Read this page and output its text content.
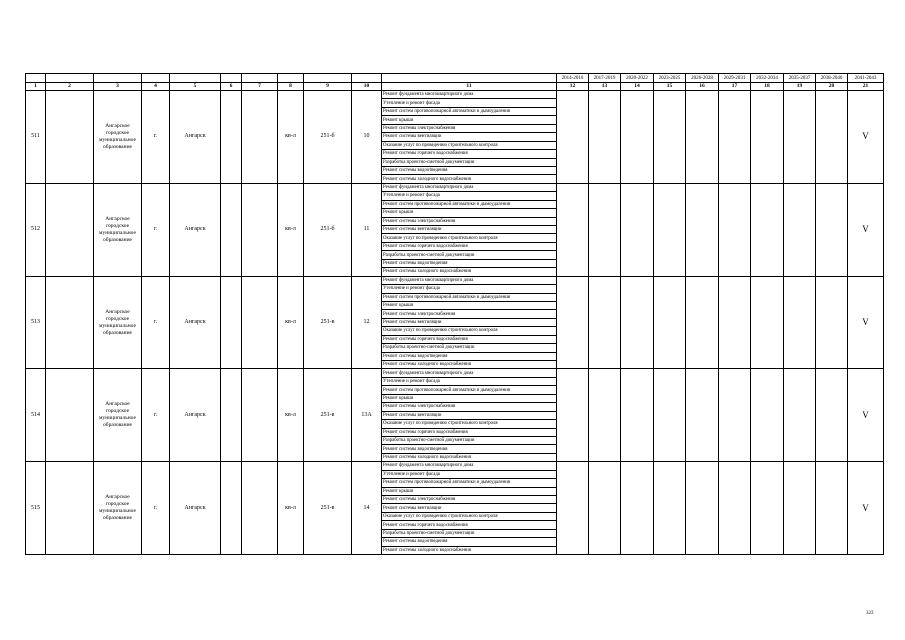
											2014-2016	2017-2019	2020-2022	2023-2025	2026-2028	2029-2031	2032-2034	2035-2037	2038-2040	2041-2043
1	2	3	4	5	6	7	8	9	10	11	12	13	14	15	16	17	18	19	20	21
511		Ангарское городское муниципальное образование	г.	Ангарск			кв-л	251-б	10	Ремонт фундамента многоквартирного дома										V
										Утепление и ремонт фасада										
										Ремонт систем противопожарной автоматики и дымоудаления										
										Ремонт крыши										
										Ремонт системы электроснабжения										
										Ремонт системы вентиляции										
										Оказание услуг по проведению строительного контроля										
										Ремонт системы горячего водоснабжения										
										Разработка проектно-сметной документации										
										Ремонт системы водоотведения										
										Ремонт системы холодного водоснабжения										
512		Ангарское городское муниципальное образование	г.	Ангарск			кв-л	251-б	11	Ремонт фундамента многоквартирного дома										V
										Утепление и ремонт фасада										
										Ремонт систем противопожарной автоматики и дымоудаления										
										Ремонт крыши										
										Ремонт системы электроснабжения										
										Ремонт системы вентиляции										
										Оказание услуг по проведению строительного контроля										
										Ремонт системы горячего водоснабжения										
										Разработка проектно-сметной документации										
										Ремонт системы водоотведения										
										Ремонт системы холодного водоснабжения										
513		Ангарское городское муниципальное образование	г.	Ангарск			кв-л	251-в	12	Ремонт фундамента многоквартирного дома										V
										Утепление и ремонт фасада										
										Ремонт систем противопожарной автоматики и дымоудаления										
										Ремонт крыши										
										Ремонт системы электроснабжения										
										Ремонт системы вентиляции										
										Оказание услуг по проведению строительного контроля										
										Ремонт системы горячего водоснабжения										
										Разработка проектно-сметной документации										
										Ремонт системы водоотведения										
										Ремонт системы холодного водоснабжения										
514		Ангарское городское муниципальное образование	г.	Ангарск			кв-л	251-в	13А	Ремонт фундамента многоквартирного дома										V
										Утепление и ремонт фасада										
										Ремонт систем противопожарной автоматики и дымоудаления										
										Ремонт крыши										
										Ремонт системы электроснабжения										
										Ремонт системы вентиляции										
										Оказание услуг по проведению строительного контроля										
										Ремонт системы горячего водоснабжения										
										Разработка проектно-сметной документации										
										Ремонт системы водоотведения										
										Ремонт системы холодного водоснабжения										
515		Ангарское городское муниципальное образование	г.	Ангарск			кв-л	251-в	14	Ремонт фундамента многоквартирного дома										V
										Утепление и ремонт фасада										
										Ремонт систем противопожарной автоматики и дымоудаления										
										Ремонт крыши										
										Ремонт системы электроснабжения										
										Ремонт системы вентиляции										
										Оказание услуг по проведению строительного контроля										
										Ремонт системы горячего водоснабжения										
										Разработка проектно-сметной документации										
										Ремонт системы водоотведения										
										Ремонт системы холодного водоснабжения										
323
